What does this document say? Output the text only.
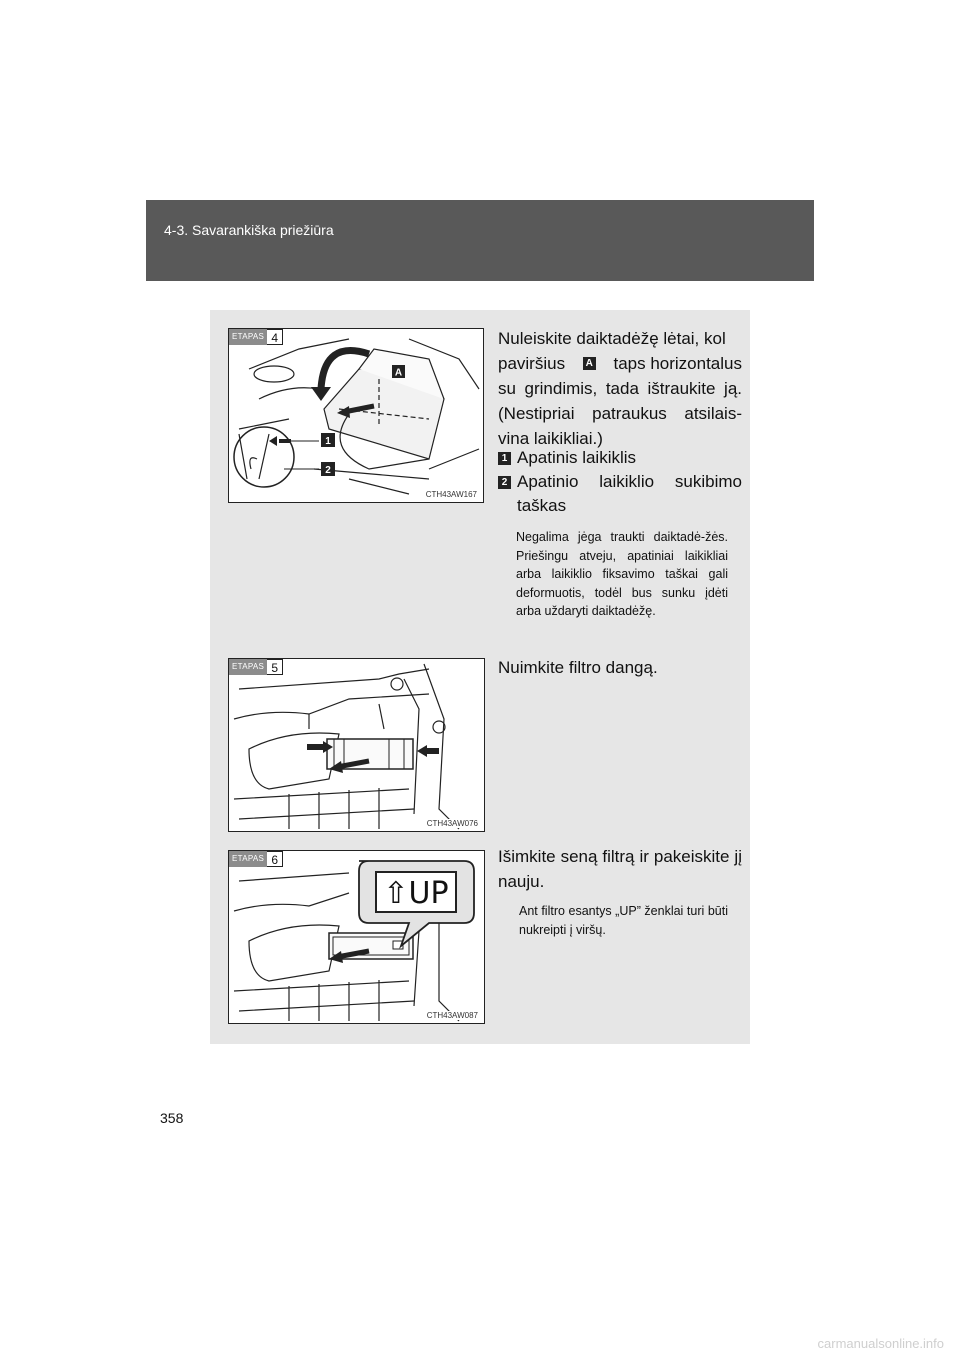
4-3. Savarankiška priežiūra
A
1
2
ETAPAS 4
CTH43AW167
Nuleiskite daiktadėžę lėtai, kol
paviršius A taps horizontalus
su grindimis, tada ištraukite ją. (Nestipriai patraukus atsilais-vina laikikliai.)
1 Apatinis laikiklis
2 Apatinio laikiklio sukibimo taškas
Negalima jėga traukti daiktadė-žės. Priešingu atveju, apatiniai laikikliai arba laikiklio fiksavimo taškai gali deformuotis, todėl bus sunku įdėti arba uždaryti daiktadėžę.
ETAPAS 5
CTH43AW076
Nuimkite filtro dangą.
⇧UP
ETAPAS 6
CTH43AW087
Išimkite seną filtrą ir pakeiskite jį nauju.
Ant filtro esantys „UP” ženklai turi būti nukreipti į viršų.
358
carmanualsonline.info
